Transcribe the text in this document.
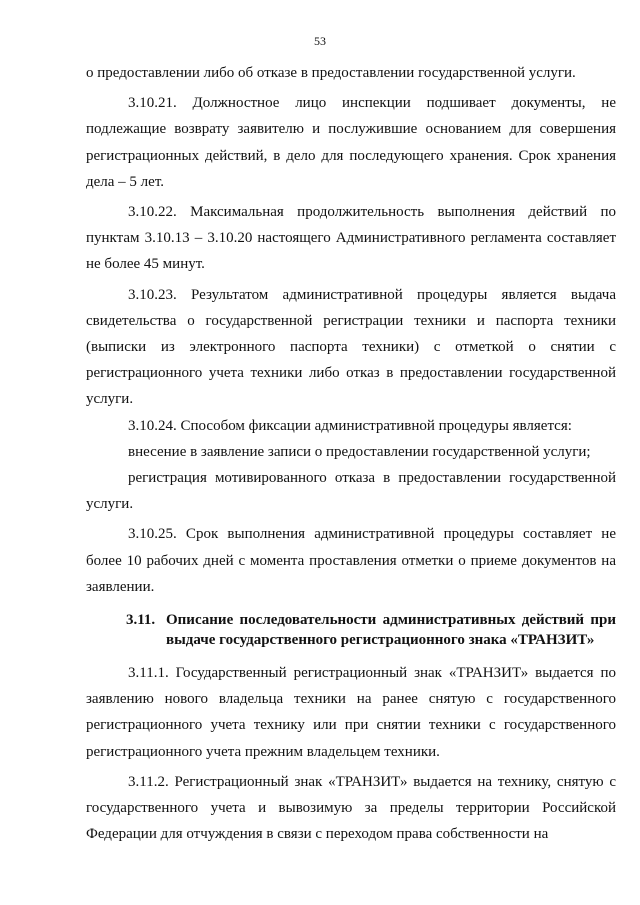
53

о предоставлении либо об отказе в предоставлении государственной услуги.

3.10.21. Должностное лицо инспекции подшивает документы, не подлежащие возврату заявителю и послужившие основанием для совершения регистрационных действий, в дело для последующего хранения. Срок хранения дела – 5 лет.

3.10.22. Максимальная продолжительность выполнения действий по пунктам 3.10.13 – 3.10.20 настоящего Административного регламента составляет не более 45 минут.

3.10.23. Результатом административной процедуры является выдача свидетельства о государственной регистрации техники и паспорта техники (выписки из электронного паспорта техники) с отметкой о снятии с регистрационного учета техники либо отказ в предоставлении государственной услуги.

3.10.24. Способом фиксации административной процедуры является:

внесение в заявление записи о предоставлении государственной услуги;

регистрация мотивированного отказа в предоставлении государственной услуги.

3.10.25. Срок выполнения административной процедуры составляет не более 10 рабочих дней с момента проставления отметки о приеме документов на заявлении.

3.11. Описание последовательности административных действий при выдаче государственного регистрационного знака «ТРАНЗИТ»

3.11.1. Государственный регистрационный знак «ТРАНЗИТ» выдается по заявлению нового владельца техники на ранее снятую с государственного регистрационного учета технику или при снятии техники с государственного регистрационного учета прежним владельцем техники.

3.11.2. Регистрационный знак «ТРАНЗИТ» выдается на технику, снятую с государственного учета и вывозимую за пределы территории Российской Федерации для отчуждения в связи с переходом права собственности на
